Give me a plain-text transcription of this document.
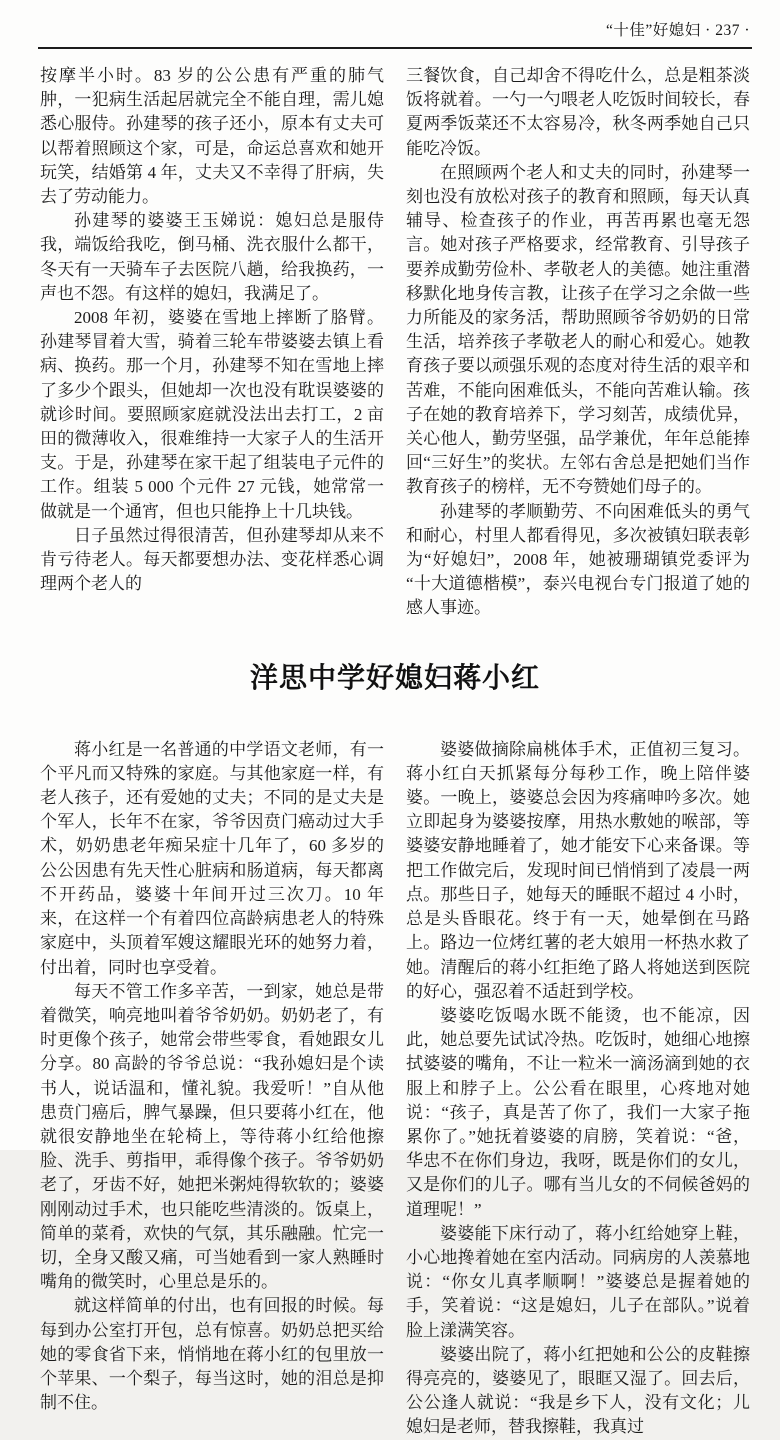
“十佳”好媳妇 · 237 ·

按摩半小时。83 岁的公公患有严重的肺气肿，一犯病生活起居就完全不能自理，需儿媳悉心服侍。孙建琴的孩子还小，原本有丈夫可以帮着照顾这个家，可是，命运总喜欢和她开玩笑，结婚第 4 年，丈夫又不幸得了肝病，失去了劳动能力。

孙建琴的婆婆王玉娣说：媳妇总是服侍我，端饭给我吃，倒马桶、洗衣服什么都干，冬天有一天骑车子去医院八趟，给我换药，一声也不怨。有这样的媳妇，我满足了。

2008 年初，婆婆在雪地上摔断了胳臂。孙建琴冒着大雪，骑着三轮车带婆婆去镇上看病、换药。那一个月，孙建琴不知在雪地上摔了多少个跟头，但她却一次也没有耽误婆婆的就诊时间。要照顾家庭就没法出去打工，2 亩田的微薄收入，很难维持一大家子人的生活开支。于是，孙建琴在家干起了组装电子元件的工作。组装 5 000 个元件 27 元钱，她常常一做就是一个通宵，但也只能挣上十几块钱。

日子虽然过得很清苦，但孙建琴却从来不肯亏待老人。每天都要想办法、变花样悉心调理两个老人的

三餐饮食，自己却舍不得吃什么，总是粗茶淡饭将就着。一勺一勺喂老人吃饭时间较长，春夏两季饭菜还不太容易冷，秋冬两季她自己只能吃冷饭。

在照顾两个老人和丈夫的同时，孙建琴一刻也没有放松对孩子的教育和照顾，每天认真辅导、检查孩子的作业，再苦再累也毫无怨言。她对孩子严格要求，经常教育、引导孩子要养成勤劳俭朴、孝敬老人的美德。她注重潜移默化地身传言教，让孩子在学习之余做一些力所能及的家务活，帮助照顾爷爷奶奶的日常生活，培养孩子孝敬老人的耐心和爱心。她教育孩子要以顽强乐观的态度对待生活的艰辛和苦难，不能向困难低头，不能向苦难认输。孩子在她的教育培养下，学习刻苦，成绩优异，关心他人，勤劳坚强，品学兼优，年年总能捧回“三好生”的奖状。左邻右舍总是把她们当作教育孩子的榜样，无不夸赞她们母子的。

孙建琴的孝顺勤劳、不向困难低头的勇气和耐心，村里人都看得见，多次被镇妇联表彰为“好媳妇”，2008 年，她被珊瑚镇党委评为“十大道德楷模”，泰兴电视台专门报道了她的感人事迹。

洋思中学好媳妇蒋小红

蒋小红是一名普通的中学语文老师，有一个平凡而又特殊的家庭。与其他家庭一样，有老人孩子，还有爱她的丈夫；不同的是丈夫是个军人，长年不在家，爷爷因贲门癌动过大手术，奶奶患老年痴呆症十几年了，60 多岁的公公因患有先天性心脏病和肠道病，每天都离不开药品，婆婆十年间开过三次刀。10 年来，在这样一个有着四位高龄病患老人的特殊家庭中，头顶着军嫂这耀眼光环的她努力着，付出着，同时也享受着。

每天不管工作多辛苦，一到家，她总是带着微笑，响亮地叫着爷爷奶奶。奶奶老了，有时更像个孩子，她常会带些零食，看她跟女儿分享。80 高龄的爷爷总说：“我孙媳妇是个读书人，说话温和，懂礼貌。我爱听！”自从他患贲门癌后，脾气暴躁，但只要蒋小红在，他就很安静地坐在轮椅上，等待蒋小红给他擦脸、洗手、剪指甲，乖得像个孩子。爷爷奶奶老了，牙齿不好，她把米粥炖得软软的；婆婆刚刚动过手术，也只能吃些清淡的。饭桌上，简单的菜肴，欢快的气氛，其乐融融。忙完一切，全身又酸又痛，可当她看到一家人熟睡时嘴角的微笑时，心里总是乐的。

就这样简单的付出，也有回报的时候。每每到办公室打开包，总有惊喜。奶奶总把买给她的零食省下来，悄悄地在蒋小红的包里放一个苹果、一个梨子，每当这时，她的泪总是抑制不住。

婆婆做摘除扁桃体手术，正值初三复习。蒋小红白天抓紧每分每秒工作，晚上陪伴婆婆。一晚上，婆婆总会因为疼痛呻吟多次。她立即起身为婆婆按摩，用热水敷她的喉部，等婆婆安静地睡着了，她才能安下心来备课。等把工作做完后，发现时间已悄悄到了凌晨一两点。那些日子，她每天的睡眠不超过 4 小时，总是头昏眼花。终于有一天，她晕倒在马路上。路边一位烤红薯的老大娘用一杯热水救了她。清醒后的蒋小红拒绝了路人将她送到医院的好心，强忍着不适赶到学校。

婆婆吃饭喝水既不能烫，也不能凉，因此，她总要先试试冷热。吃饭时，她细心地擦拭婆婆的嘴角，不让一粒米一滴汤滴到她的衣服上和脖子上。公公看在眼里，心疼地对她说：“孩子，真是苦了你了，我们一大家子拖累你了。”她抚着婆婆的肩膀，笑着说：“爸，华忠不在你们身边，我呀，既是你们的女儿，又是你们的儿子。哪有当儿女的不伺候爸妈的道理呢！”

婆婆能下床行动了，蒋小红给她穿上鞋，小心地搀着她在室内活动。同病房的人羡慕地说：“你女儿真孝顺啊！”婆婆总是握着她的手，笑着说：“这是媳妇，儿子在部队。”说着脸上漾满笑容。

婆婆出院了，蒋小红把她和公公的皮鞋擦得亮亮的，婆婆见了，眼眶又湿了。回去后，公公逢人就说：“我是乡下人，没有文化；儿媳妇是老师，替我擦鞋，我真过
